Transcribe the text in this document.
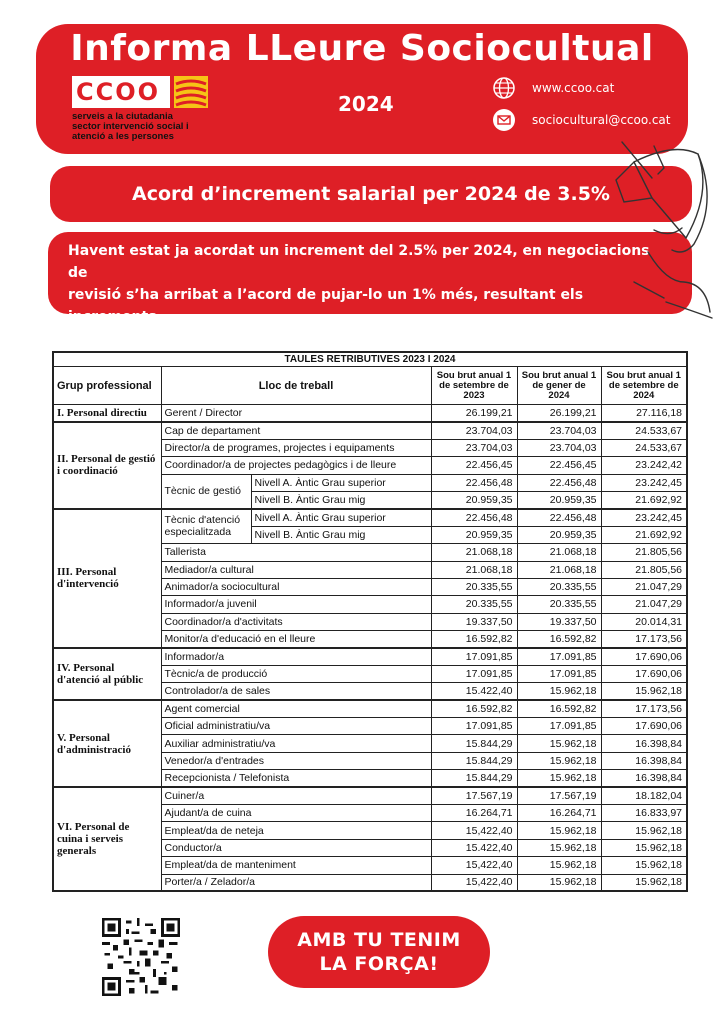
Informa LLeure Sociocultual
CCOO
serveis a la ciutadania
sector intervenció social i
atenció a les persones
2024
www.ccoo.cat
sociocultural@ccoo.cat
Acord d’increment salarial per 2024 de 3.5%
Havent estat ja acordat un increment del 2.5% per 2024, en negociacions de
revisió s’ha arribat a l’acord de pujar-lo un 1% més, resultant els increments
salarials per setembre de 2024 d’un 3.5%
TAULES RETRIBUTIVES 2023 I 2024					
Grup professional	Lloc de treball		Sou brut anual 1 de setembre de 2023	Sou brut anual 1 de gener de 2024	Sou brut anual 1 de setembre de 2024
I. Personal directiu	Gerent / Director		26.199,21	26.199,21	27.116,18
II. Personal de gestió i coordinació	Cap de departament		23.704,03	23.704,03	24.533,67
	Director/a de programes, projectes i equipaments		23.704,03	23.704,03	24.533,67
	Coordinador/a de projectes pedagògics i de lleure		22.456,45	22.456,45	23.242,42
	Tècnic de gestió	Nivell A. Àntic Grau superior	22.456,48	22.456,48	23.242,45
		Nivell B. Àntic Grau mig	20.959,35	20.959,35	21.692,92
III. Personal d'intervenció	Tècnic d'atenció especialitzada	Nivell A. Àntic Grau superior	22.456,48	22.456,48	23.242,45
		Nivell B. Àntic Grau mig	20.959,35	20.959,35	21.692,92
	Tallerista		21.068,18	21.068,18	21.805,56
	Mediador/a cultural		21.068,18	21.068,18	21.805,56
	Animador/a sociocultural		20.335,55	20.335,55	21.047,29
	Informador/a juvenil		20.335,55	20.335,55	21.047,29
	Coordinador/a d'activitats		19.337,50	19.337,50	20.014,31
	Monitor/a d'educació en el lleure		16.592,82	16.592,82	17.173,56
IV. Personal d'atenció al públic	Informador/a		17.091,85	17.091,85	17.690,06
	Tècnic/a de producció		17.091,85	17.091,85	17.690,06
	Controlador/a de sales		15.422,40	15.962,18	15.962,18
V. Personal d'administració	Agent comercial		16.592,82	16.592,82	17.173,56
	Oficial administratiu/va		17.091,85	17.091,85	17.690,06
	Auxiliar administratiu/va		15.844,29	15.962,18	16.398,84
	Venedor/a d'entrades		15.844,29	15.962,18	16.398,84
	Recepcionista / Telefonista		15.844,29	15.962,18	16.398,84
VI. Personal de cuina i serveis generals	Cuiner/a		17.567,19	17.567,19	18.182,04
	Ajudant/a de cuina		16.264,71	16.264,71	16.833,97
	Empleat/da de neteja		15,422,40	15.962,18	15.962,18
	Conductor/a		15.422,40	15.962,18	15.962,18
	Empleat/da de manteniment		15,422,40	15.962,18	15.962,18
	Porter/a / Zelador/a		15,422,40	15.962,18	15.962,18
AMB TU TENIM
LA FORÇA!
